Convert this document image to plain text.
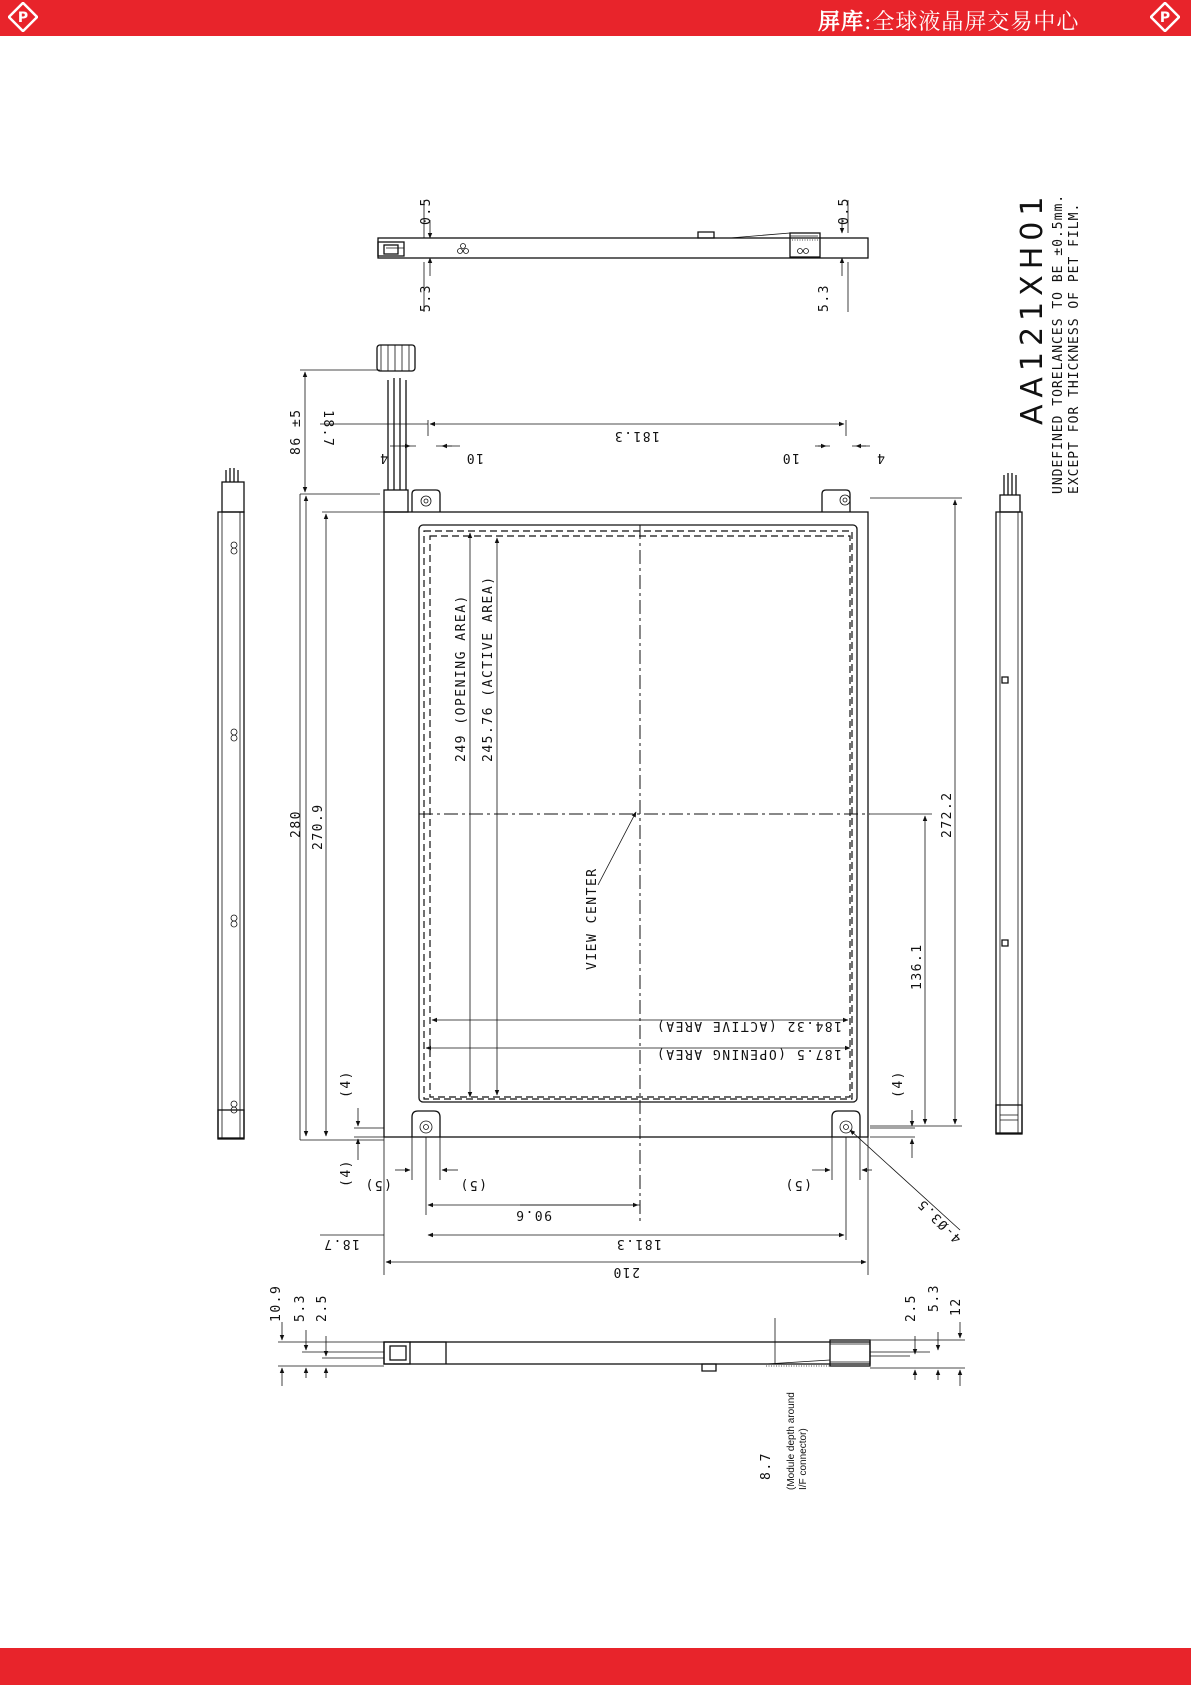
P	屏库:全球液晶屏交易中心	P
0.5
5.3
0.5
5.3
VIEW CENTER
86 ±5 18.7	181.3
4	10	10	4
280 270.9
249 (OPENING AREA) 245.76 (ACTIVE AREA)
272.2
136.1
184.32 (ACTIVE AREA)
187.5 (OPENING AREA)
(4)
(4)
(4)
(5)	(5)	(5)
90.6
181.3
18.7
210
4-Ø3.5
10.9 5.3 2.5	2.5 5.3 12
8.7 (Module depth around I/F connector)
AA121XH01 UNDEFINED TORELANCES TO BE ±0.5mm. EXCEPT FOR THICKNESS OF PET FILM.
